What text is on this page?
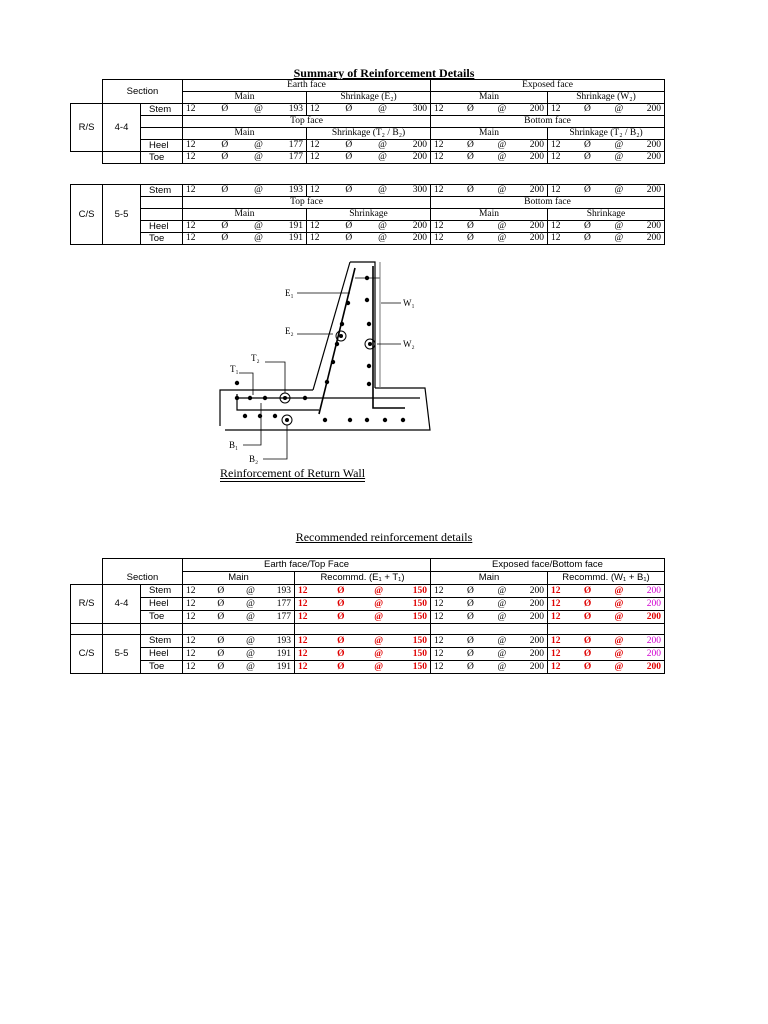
Summary of Reinforcement Details
	Section		Earth face		Exposed face	
			Main	Shrinkage (E₂)	Main	Shrinkage (W₂)
R/S	4-4	Stem	12 Ø @ 193	12 Ø @ 300	12 Ø @ 200	12 Ø @ 200

			Top face		Bottom face	
			Main	Shrinkage (T₂ / B₂)	Main	Shrinkage (T₂ / B₂)
		Heel	12 Ø @ 177	12 Ø @ 200	12 Ø @ 200	12 Ø @ 200

		Toe	12 Ø @ 177	12 Ø @ 200	12 Ø @ 200	12 Ø @ 200
C/S	5-5	Stem	12 Ø @ 193	12 Ø @ 300	12 Ø @ 200	12 Ø @ 200

			Top face		Bottom face	
			Main	Shrinkage	Main	Shrinkage
		Heel	12 Ø @ 191	12 Ø @ 200	12 Ø @ 200	12 Ø @ 200

		Toe	12 Ø @ 191	12 Ø @ 200	12 Ø @ 200	12 Ø @ 200
E₁
E₂
W₁
W₂
T₂
T₁
B₁
B₂
Reinforcement of Return Wall
Recommended reinforcement details
	Section		Earth face/Top Face		Exposed face/Bottom face	
			Main	Recommd. (E₁ + T₁)	Main	Recommd. (W₁ + B₁)
R/S	4-4	Stem	12 Ø @ 193	12 Ø @ 150	12 Ø @ 200	12 Ø @ 200

		Heel	12 Ø @ 177	12 Ø @ 150	12 Ø @ 200	12 Ø @ 200

		Toe	12 Ø @ 177	12 Ø @ 150	12 Ø @ 200	12 Ø @ 200

C/S	5-5	Stem	12 Ø @ 193	12 Ø @ 150	12 Ø @ 200	12 Ø @ 200

		Heel	12 Ø @ 191	12 Ø @ 150	12 Ø @ 200	12 Ø @ 200

		Toe	12 Ø @ 191	12 Ø @ 150	12 Ø @ 200	12 Ø @ 200
